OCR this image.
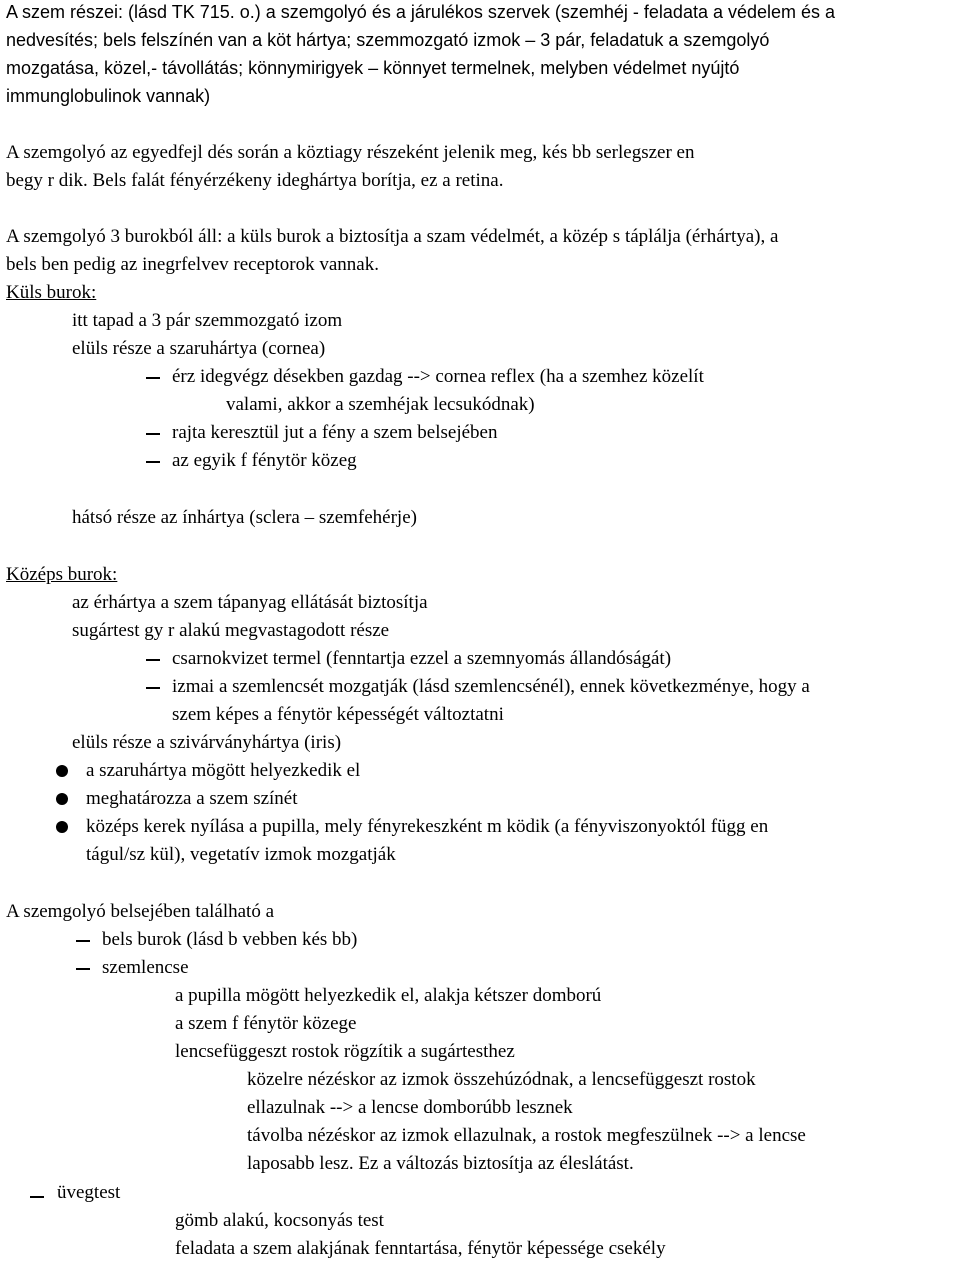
A szem részei: (lásd TK 715. o.) a szemgolyó és a járulékos szervek (szemhéj - feladata a védelem és a
nedvesítés; bels felszínén van a köt hártya; szemmozgató izmok – 3 pár, feladatuk a szemgolyó
mozgatása, közel,- távollátás; könnymirigyek – könnyet termelnek, melyben védelmet nyújtó
immunglobulinok vannak)
A szemgolyó az egyedfejl dés során a köztiagy részeként jelenik meg, kés bb serlegszer en
begy r dik. Bels falát fényérzékeny ideghártya borítja, ez a retina.
A szemgolyó 3 burokból áll: a küls burok a biztosítja a szam védelmét, a közép s táplálja (érhártya), a
bels ben pedig az inegrfelvev receptorok vannak.
Küls burok:
itt tapad a 3 pár szemmozgató izom
elüls része a szaruhártya (cornea)
érz idegvégz désekben gazdag --> cornea reflex (ha a szemhez közelít
valami, akkor a szemhéjak lecsukódnak)
rajta keresztül jut a fény a szem belsejében
az egyik f fénytör közeg
hátsó része az ínhártya (sclera – szemfehérje)
Középs burok:
az érhártya a szem tápanyag ellátását biztosítja
sugártest gy r alakú megvastagodott része
csarnokvizet termel (fenntartja ezzel a szemnyomás állandóságát)
izmai a szemlencsét mozgatják (lásd szemlencsénél), ennek következménye, hogy a
szem képes a fénytör képességét változtatni
elüls része a szivárványhártya (iris)
a szaruhártya mögött helyezkedik el
meghatározza a szem színét
középs kerek nyílása a pupilla, mely fényrekeszként m ködik (a fényviszonyoktól függ en
tágul/sz kül), vegetatív izmok mozgatják
A szemgolyó belsejében található a
bels burok (lásd b vebben kés bb)
szemlencse
a pupilla mögött helyezkedik el, alakja kétszer domború
a szem f fénytör közege
lencsefüggeszt rostok rögzítik a sugártesthez
közelre nézéskor az izmok összehúzódnak, a lencsefüggeszt rostok
ellazulnak --> a lencse domborúbb lesznek
távolba nézéskor az izmok ellazulnak, a rostok megfeszülnek --> a lencse
laposabb lesz. Ez a változás biztosítja az éleslátást.
üvegtest
gömb alakú, kocsonyás test
feladata a szem alakjának fenntartása, fénytör képessége csekély
